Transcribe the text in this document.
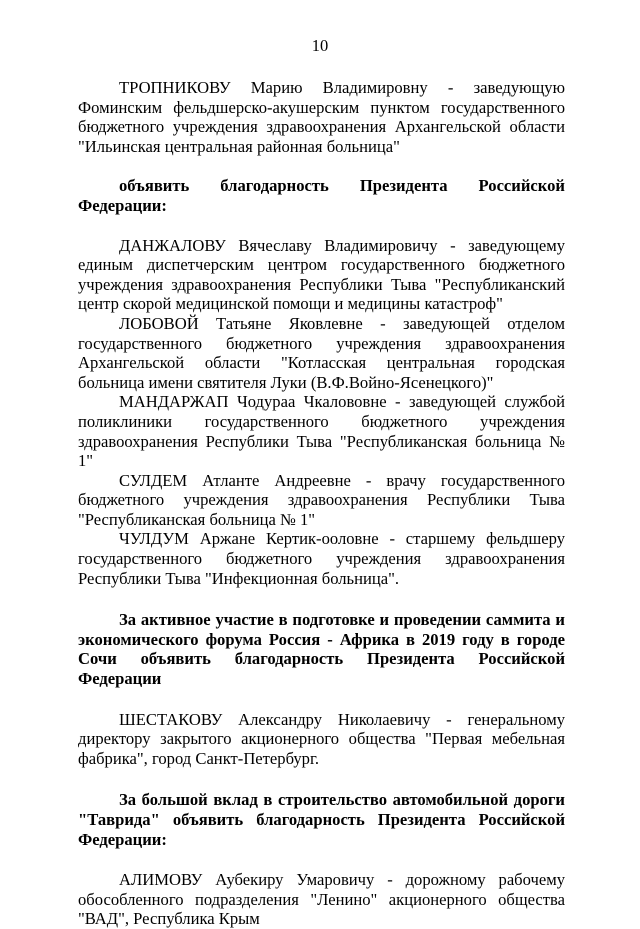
10

ТРОПНИКОВУ Марию Владимировну - заведующую Фоминским фельдшерско-акушерским пунктом государственного бюджетного учреждения здравоохранения Архангельской области "Ильинская центральная районная больница"

объявить благодарность Президента Российской Федерации:

ДАНЖАЛОВУ Вячеславу Владимировичу - заведующему единым диспетчерским центром государственного бюджетного учреждения здравоохранения Республики Тыва "Республиканский центр скорой медицинской помощи и медицины катастроф"

ЛОБОВОЙ Татьяне Яковлевне - заведующей отделом государственного бюджетного учреждения здравоохранения Архангельской области "Котласская центральная городская больница имени святителя Луки (В.Ф.Войно-Ясенецкого)"

МАНДАРЖАП Чодураа Чкалововне - заведующей службой поликлиники государственного бюджетного учреждения здравоохранения Республики Тыва "Республиканская больница № 1"

СУЛДЕМ Атланте Андреевне - врачу государственного бюджетного учреждения здравоохранения Республики Тыва "Республиканская больница № 1"

ЧУЛДУМ Аржане Кертик-ооловне - старшему фельдшеру государственного бюджетного учреждения здравоохранения Республики Тыва "Инфекционная больница".

За активное участие в подготовке и проведении саммита и экономического форума Россия - Африка в 2019 году в городе Сочи объявить благодарность Президента Российской Федерации

ШЕСТАКОВУ Александру Николаевичу - генеральному директору закрытого акционерного общества "Первая мебельная фабрика", город Санкт-Петербург.

За большой вклад в строительство автомобильной дороги "Таврида" объявить благодарность Президента Российской Федерации:

АЛИМОВУ Аубекиру Умаровичу - дорожному рабочему обособленного подразделения "Ленино" акционерного общества "ВАД", Республика Крым
